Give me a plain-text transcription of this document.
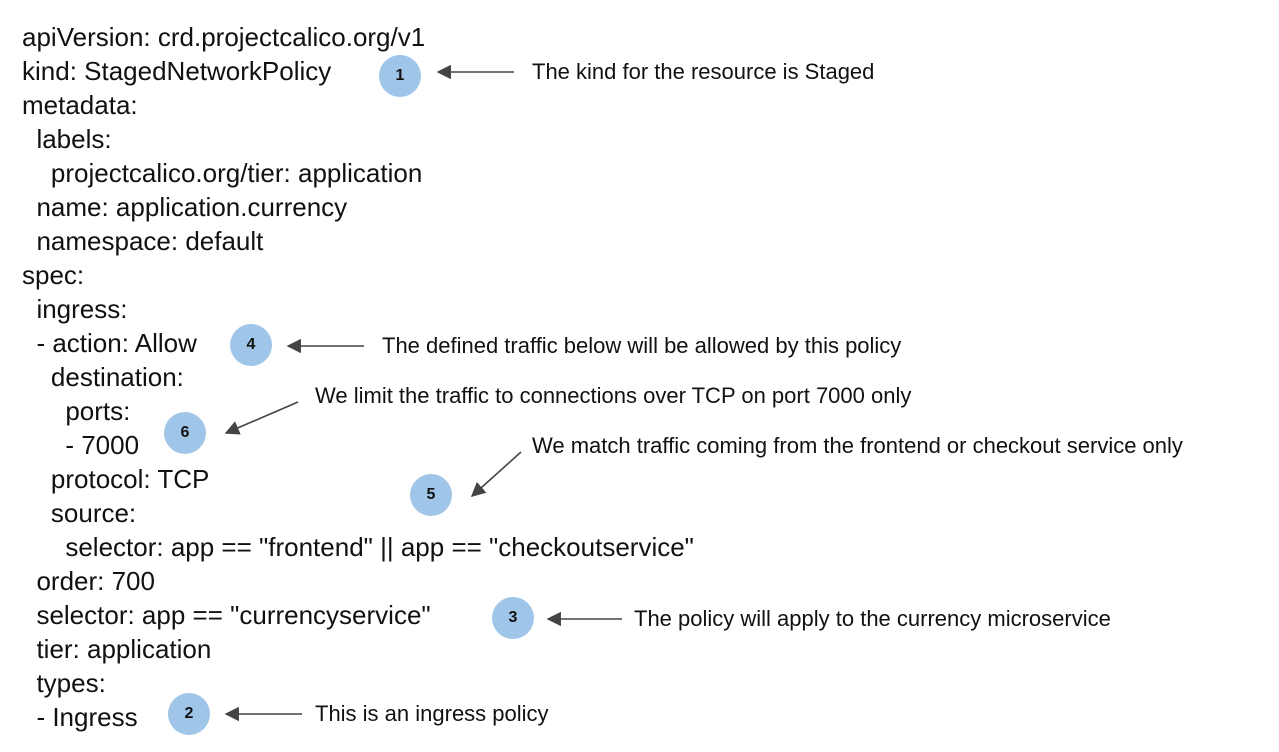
apiVersion: crd.projectcalico.org/v1
kind: StagedNetworkPolicy
metadata:
labels:
projectcalico.org/tier: application
name: application.currency
namespace: default
spec:
ingress:
- action: Allow
destination:
ports:
- 7000
protocol: TCP
source:
selector: app == "frontend" || app == "checkoutservice"
order: 700
selector: app == "currencyservice"
tier: application
types:
- Ingress
1
2
3
4
5
6
The kind for the resource is Staged
This is an ingress policy
The policy will apply to the currency microservice
The defined traffic below will be allowed by this policy
We match traffic coming from the frontend or checkout service only
We limit the traffic to connections over TCP on port 7000 only
